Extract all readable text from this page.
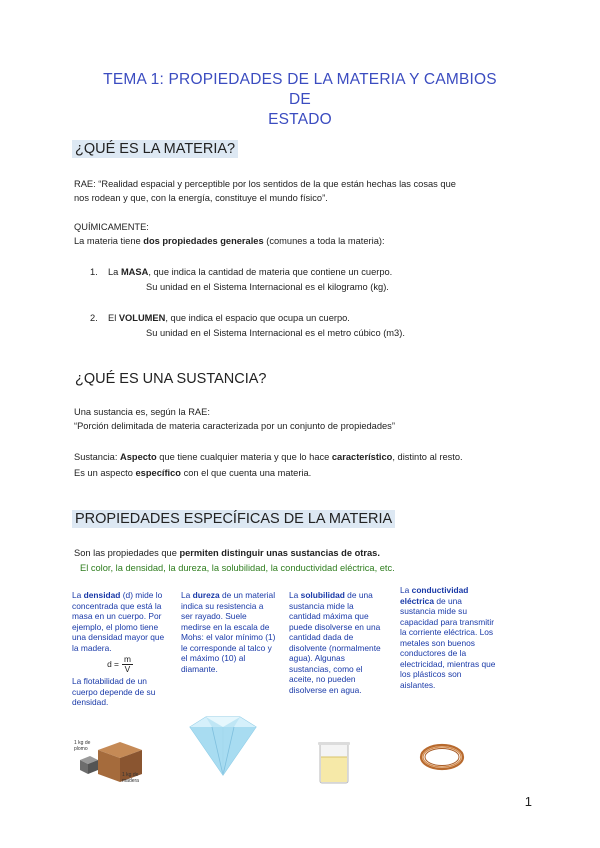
TEMA 1: PROPIEDADES DE LA MATERIA Y CAMBIOS DE
ESTADO
¿QUÉ ES LA MATERIA?
RAE: “Realidad espacial y perceptible por los sentidos de la que están hechas las cosas que
nos rodean y que, con la energía, constituye el mundo físico”.
QUÍMICAMENTE:
La materia tiene dos propiedades generales (comunes a toda la materia):
1. La MASA, que indica la cantidad de materia que contiene un cuerpo.
Su unidad en el Sistema Internacional es el kilogramo (kg).
2. El VOLUMEN, que indica el espacio que ocupa un cuerpo.
Su unidad en el Sistema Internacional es el metro cúbico (m3).
¿QUÉ ES UNA SUSTANCIA?
Una sustancia es, según la RAE:
“Porción delimitada de materia caracterizada por un conjunto de propiedades”
Sustancia: Aspecto que tiene cualquier materia y que lo hace característico, distinto al resto.
Es un aspecto específico con el que cuenta una materia.
PROPIEDADES ESPECÍFICAS DE LA MATERIA
Son las propiedades que permiten distinguir unas sustancias de otras.
El color, la densidad, la dureza, la solubilidad, la conductividad eléctrica, etc.
La densidad (d) mide lo concentrada que está la masa en un cuerpo. Por ejemplo, el plomo tiene una densidad mayor que la madera.
$d = \frac{m}{V}$
La flotabilidad de un cuerpo depende de su densidad.
1 kg de plomo
1 kg de madera
La dureza de un material indica su resistencia a ser rayado. Suele medirse en la escala de Mohs: el valor mínimo (1) le corresponde al talco y el máximo (10) al diamante.
La solubilidad de una sustancia mide la cantidad máxima que puede disolverse en una cantidad dada de disolvente (normalmente agua). Algunas sustancias, como el aceite, no pueden disolverse en agua.
La conductividad eléctrica de una sustancia mide su capacidad para transmitir la corriente eléctrica. Los metales son buenos conductores de la electricidad, mientras que los plásticos son aislantes.
1
